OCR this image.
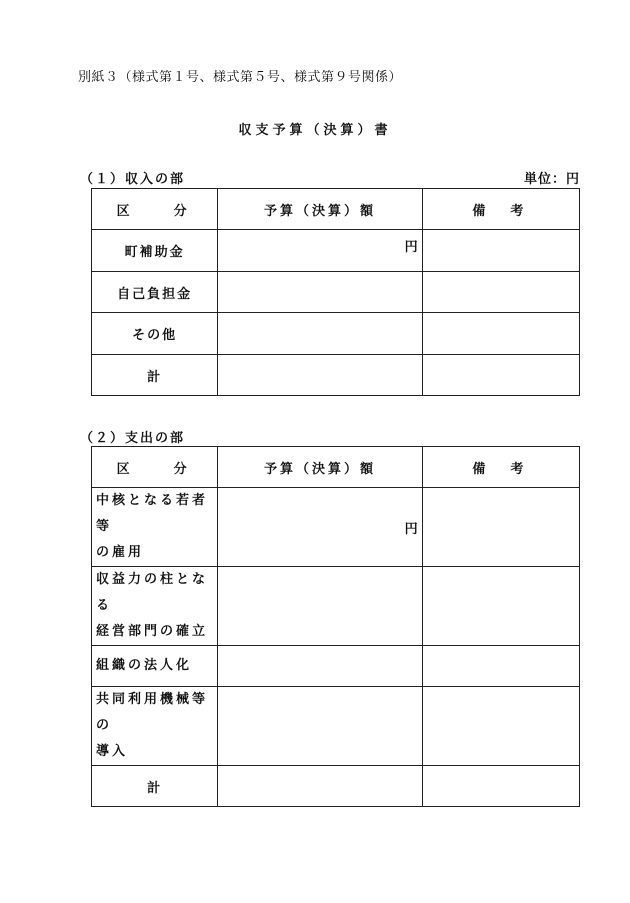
別紙３（様式第１号、様式第５号、様式第９号関係）
収支予算（決算）書
（１）収入の部	単位：円
区　　分	予算（決算）額	備　考
町補助金	円	
自己負担金		
その他		
計		
（２）支出の部
区　　分	予算（決算）額	備　考

中核となる若者等
の雇用	円	

収益力の柱となる
経営部門の確立		

組織の法人化		

共同利用機械等の
導入		

計		
